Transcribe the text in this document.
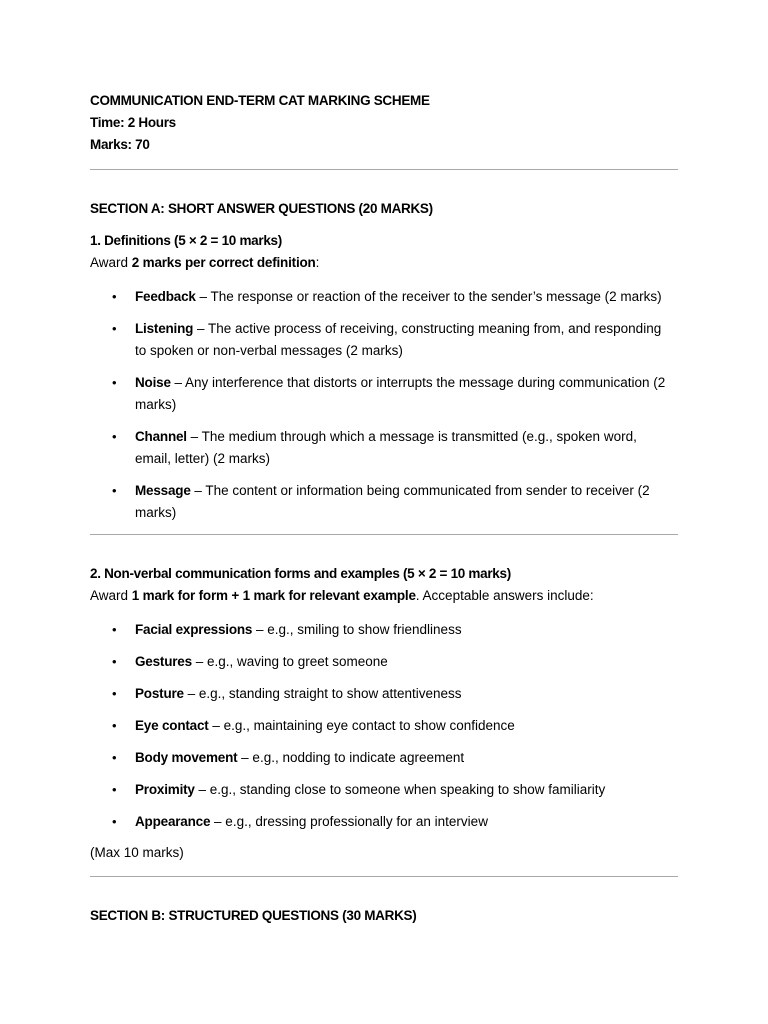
COMMUNICATION END-TERM CAT MARKING SCHEME
Time: 2 Hours
Marks: 70
SECTION A: SHORT ANSWER QUESTIONS (20 MARKS)
1. Definitions (5 × 2 = 10 marks)
Award 2 marks per correct definition:
• Feedback – The response or reaction of the receiver to the sender’s message (2 marks)
• Listening – The active process of receiving, constructing meaning from, and responding to spoken or non-verbal messages (2 marks)
• Noise – Any interference that distorts or interrupts the message during communication (2 marks)
• Channel – The medium through which a message is transmitted (e.g., spoken word, email, letter) (2 marks)
• Message – The content or information being communicated from sender to receiver (2 marks)
2. Non-verbal communication forms and examples (5 × 2 = 10 marks)
Award 1 mark for form + 1 mark for relevant example. Acceptable answers include:
• Facial expressions – e.g., smiling to show friendliness
• Gestures – e.g., waving to greet someone
• Posture – e.g., standing straight to show attentiveness
• Eye contact – e.g., maintaining eye contact to show confidence
• Body movement – e.g., nodding to indicate agreement
• Proximity – e.g., standing close to someone when speaking to show familiarity
• Appearance – e.g., dressing professionally for an interview
(Max 10 marks)
SECTION B: STRUCTURED QUESTIONS (30 MARKS)
